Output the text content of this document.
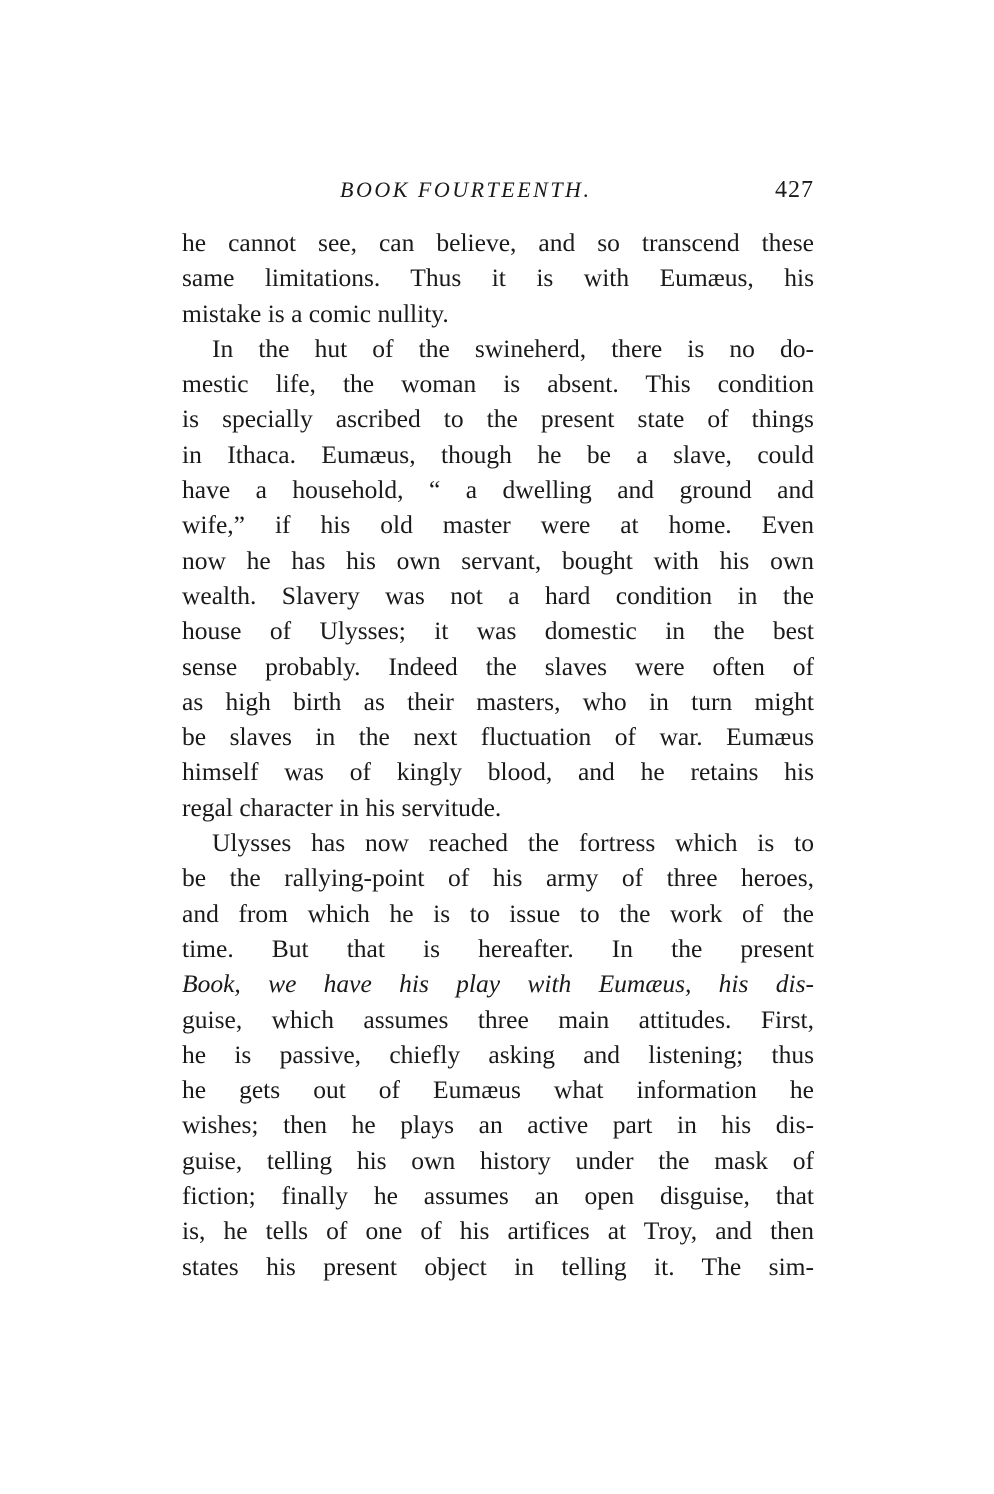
BOOK FOURTEENTH.	427
he cannot see, can believe, and so transcend these
same limitations. Thus it is with Eumæus, his
mistake is a comic nullity.
In the hut of the swineherd, there is no do-
mestic life, the woman is absent. This condition
is specially ascribed to the present state of things
in Ithaca. Eumæus, though he be a slave, could
have a household, “ a dwelling and ground and
wife,” if his old master were at home. Even
now he has his own servant, bought with his own
wealth. Slavery was not a hard condition in the
house of Ulysses; it was domestic in the best
sense probably. Indeed the slaves were often of
as high birth as their masters, who in turn might
be slaves in the next fluctuation of war. Eumæus
himself was of kingly blood, and he retains his
regal character in his servitude.
Ulysses has now reached the fortress which is to
be the rallying-point of his army of three heroes,
and from which he is to issue to the work of the
time. But that is hereafter. In the present
Book, we have his play with Eumæus, his dis-
guise, which assumes three main attitudes. First,
he is passive, chiefly asking and listening; thus
he gets out of Eumæus what information he
wishes; then he plays an active part in his dis-
guise, telling his own history under the mask of
fiction; finally he assumes an open disguise, that
is, he tells of one of his artifices at Troy, and then
states his present object in telling it. The sim-
